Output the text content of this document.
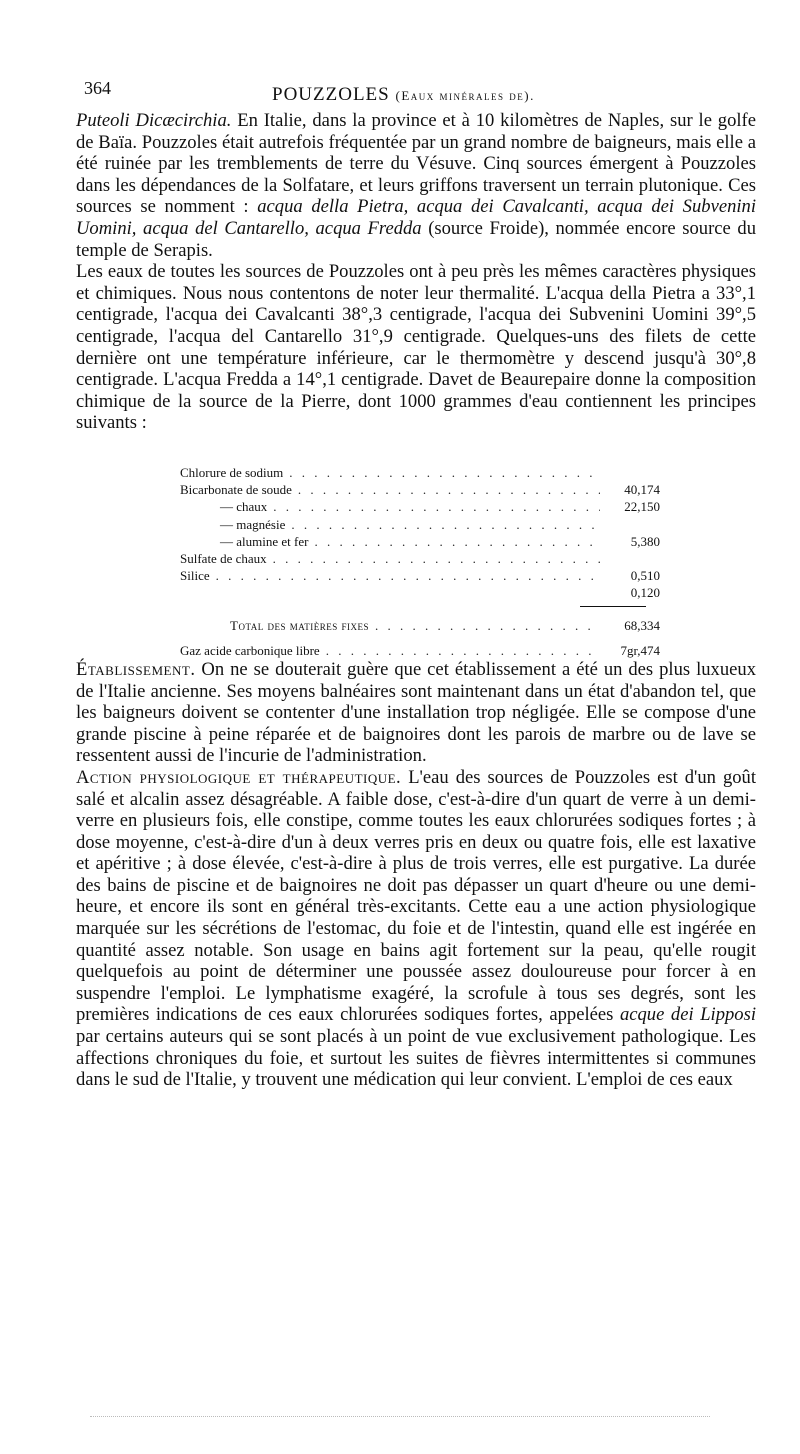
364	POUZZOLES (Eaux minérales de).

Puteoli Dicæcirchia. En Italie, dans la province et à 10 kilomètres de Naples, sur le golfe de Baïa. Pouzzoles était autrefois fréquentée par un grand nombre de baigneurs, mais elle a été ruinée par les tremblements de terre du Vésuve. Cinq sources émergent à Pouzzoles dans les dépendances de la Solfatare, et leurs griffons traversent un terrain plutonique. Ces sources se nomment : acqua della Pietra, acqua dei Cavalcanti, acqua dei Subvenini Uomini, acqua del Cantarello, acqua Fredda (source Froide), nommée encore source du temple de Serapis.

Les eaux de toutes les sources de Pouzzoles ont à peu près les mêmes caractères physiques et chimiques. Nous nous contentons de noter leur thermalité. L'acqua della Pietra a 33°,1 centigrade, l'acqua dei Cavalcanti 38°,3 centigrade, l'acqua dei Subvenini Uomini 39°,5 centigrade, l'acqua del Cantarello 31°,9 centigrade. Quelques-uns des filets de cette dernière ont une température inférieure, car le thermomètre y descend jusqu'à 30°,8 centigrade. L'acqua Fredda a 14°,1 centigrade. Davet de Beaurepaire donne la composition chimique de la source de la Pierre, dont 1000 grammes d'eau contiennent les principes suivants :

Chlorure de sodium
. . .
Bicarbonate de soude . . .	40,174
— chaux . . .	22,150
— magnésie
. . .
— alumine et fer . . .	5,380
Sulfate de chaux
. . .
Silice . . .	0,510
0,120
Total des matières fixes . . .	68,334
Gaz acide carbonique libre . . .	7gr,474

Établissement. On ne se douterait guère que cet établissement a été un des plus luxueux de l'Italie ancienne. Ses moyens balnéaires sont maintenant dans un état d'abandon tel, que les baigneurs doivent se contenter d'une installation trop négligée. Elle se compose d'une grande piscine à peine réparée et de baignoires dont les parois de marbre ou de lave se ressentent aussi de l'incurie de l'administration.

Action physiologique et thérapeutique. L'eau des sources de Pouzzoles est d'un goût salé et alcalin assez désagréable. A faible dose, c'est-à-dire d'un quart de verre à un demi-verre en plusieurs fois, elle constipe, comme toutes les eaux chlorurées sodiques fortes ; à dose moyenne, c'est-à-dire d'un à deux verres pris en deux ou quatre fois, elle est laxative et apéritive ; à dose élevée, c'est-à-dire à plus de trois verres, elle est purgative. La durée des bains de piscine et de baignoires ne doit pas dépasser un quart d'heure ou une demi-heure, et encore ils sont en général très-excitants. Cette eau a une action physiologique marquée sur les sécrétions de l'estomac, du foie et de l'intestin, quand elle est ingérée en quantité assez notable. Son usage en bains agit fortement sur la peau, qu'elle rougit quelquefois au point de déterminer une poussée assez douloureuse pour forcer à en suspendre l'emploi. Le lymphatisme exagéré, la scrofule à tous ses degrés, sont les premières indications de ces eaux chlorurées sodiques fortes, appelées acque dei Lipposi par certains auteurs qui se sont placés à un point de vue exclusivement pathologique. Les affections chroniques du foie, et surtout les suites de fièvres intermittentes si communes dans le sud de l'Italie, y trouvent une médication qui leur convient. L'emploi de ces eaux
